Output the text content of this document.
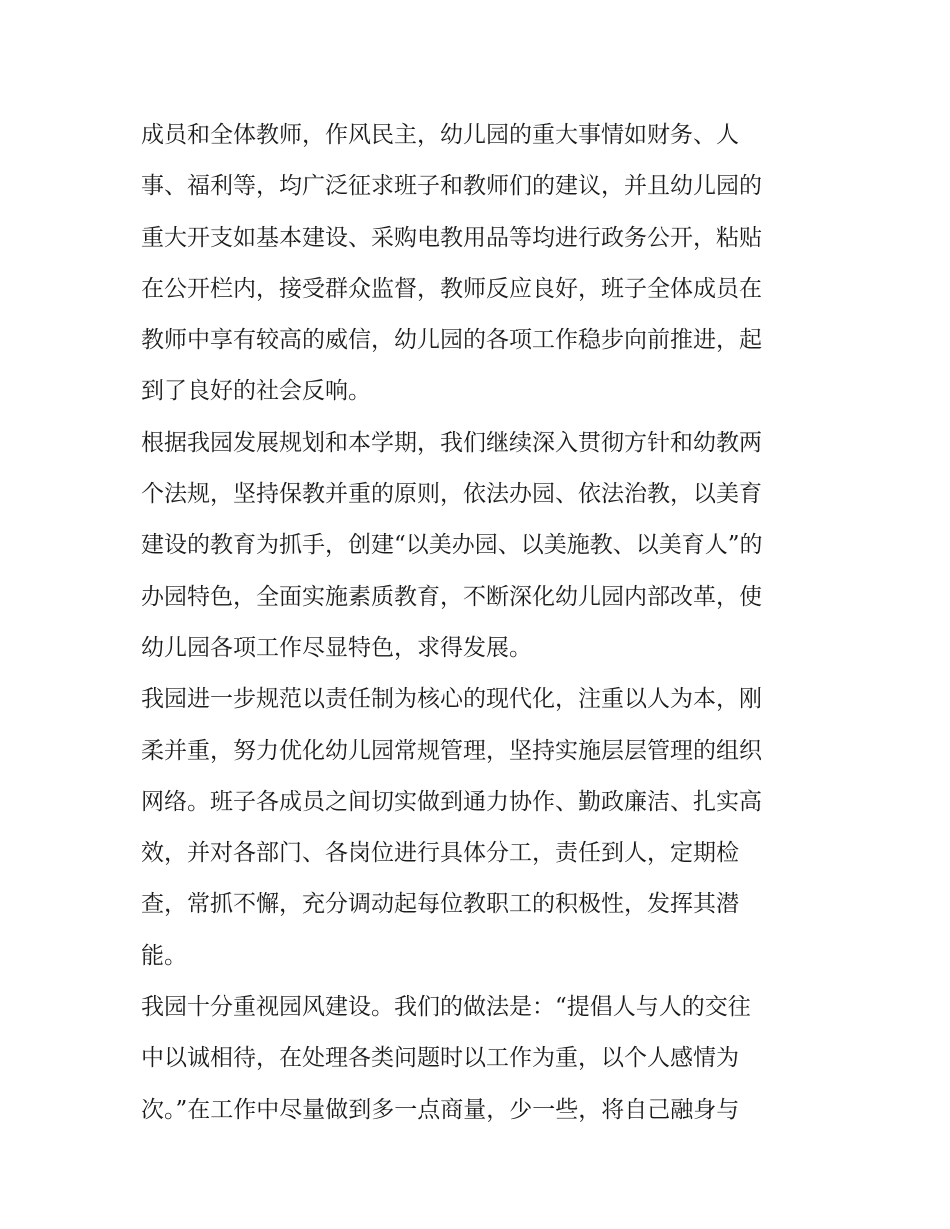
成员和全体教师，作风民主，幼儿园的重大事情如财务、人
事、福利等，均广泛征求班子和教师们的建议，并且幼儿园的
重大开支如基本建设、采购电教用品等均进行政务公开，粘贴
在公开栏内，接受群众监督，教师反应良好，班子全体成员在
教师中享有较高的威信，幼儿园的各项工作稳步向前推进，起
到了良好的社会反响。
根据我园发展规划和本学期，我们继续深入贯彻方针和幼教两
个法规，坚持保教并重的原则，依法办园、依法治教，以美育
建设的教育为抓手，创建“以美办园、以美施教、以美育人”的
办园特色，全面实施素质教育，不断深化幼儿园内部改革，使
幼儿园各项工作尽显特色，求得发展。
我园进一步规范以责任制为核心的现代化，注重以人为本，刚
柔并重，努力优化幼儿园常规管理，坚持实施层层管理的组织
网络。班子各成员之间切实做到通力协作、勤政廉洁、扎实高
效，并对各部门、各岗位进行具体分工，责任到人，定期检
查，常抓不懈，充分调动起每位教职工的积极性，发挥其潜
能。
我园十分重视园风建设。我们的做法是：“提倡人与人的交往
中以诚相待，在处理各类问题时以工作为重，以个人感情为
次。”在工作中尽量做到多一点商量，少一些，将自己融身与
